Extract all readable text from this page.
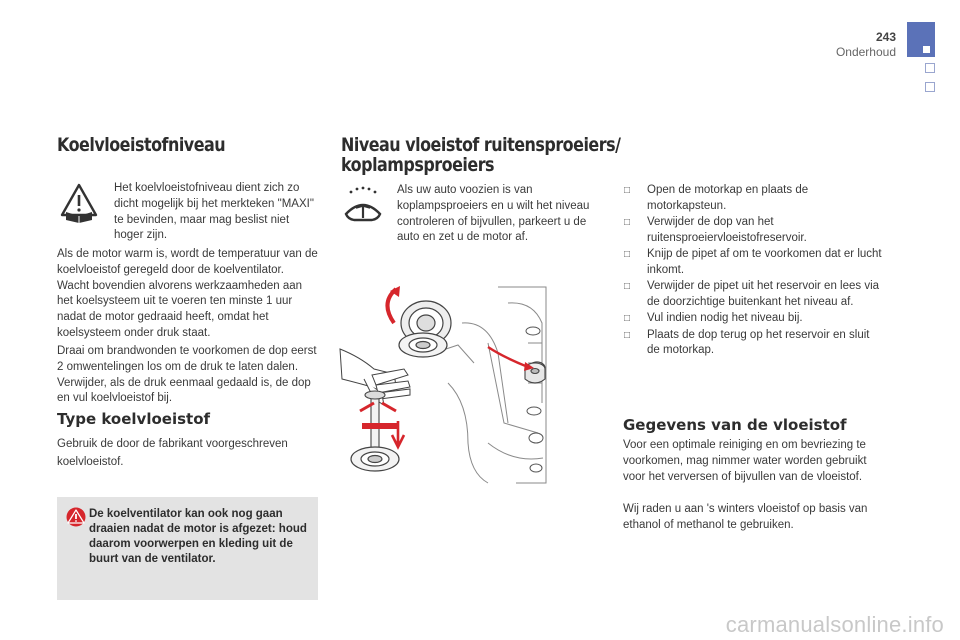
243
Onderhoud
Koelvloeistofniveau
Het koelvloeistofniveau dient zich zo dicht mogelijk bij het merkteken "MAXI" te bevinden, maar mag beslist niet hoger zijn.
Als de motor warm is, wordt de temperatuur van de koelvloeistof geregeld door de koelventilator. Wacht bovendien alvorens werkzaamheden aan het koelsysteem uit te voeren ten minste 1 uur nadat de motor gedraaid heeft, omdat het koelsysteem onder druk staat.
Draai om brandwonden te voorkomen de dop eerst 2 omwentelingen los om de druk te laten dalen. Verwijder, als de druk eenmaal gedaald is, de dop en vul koelvloeistof bij.
Type koelvloeistof
Gebruik de door de fabrikant voorgeschreven koelvloeistof.
De koelventilator kan ook nog gaan draaien nadat de motor is afgezet: houd daarom voorwerpen en kleding uit de buurt van de ventilator.
Niveau vloeistof ruitensproeiers/
koplampsproeiers
Als uw auto voozien is van koplampsproeiers en u wilt het niveau controleren of bijvullen, parkeert u de auto en zet u de motor af.
□ Open de motorkap en plaats de motorkapsteun.
□ Verwijder de dop van het ruitensproeiervloeistofreservoir.
□ Knijp de pipet af om te voorkomen dat er lucht inkomt.
□ Verwijder de pipet uit het reservoir en lees via de doorzichtige buitenkant het niveau af.
□ Vul indien nodig het niveau bij.
□ Plaats de dop terug op het reservoir en sluit de motorkap.
Gegevens van de vloeistof
Voor een optimale reiniging en om bevriezing te voorkomen, mag nimmer water worden gebruikt voor het verversen of bijvullen van de vloeistof.
Wij raden u aan 's winters vloeistof op basis van ethanol of methanol te gebruiken.
carmanualsonline.info
